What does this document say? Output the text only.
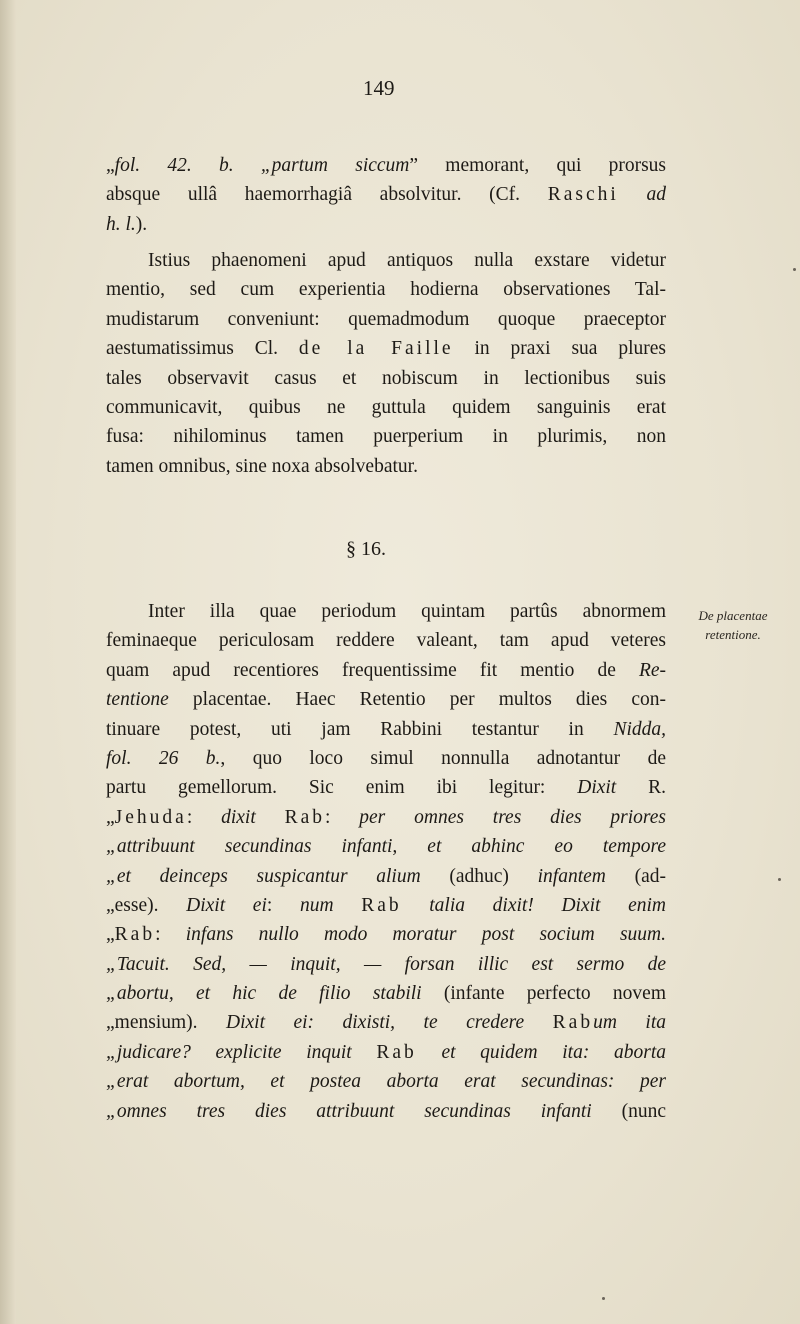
149
„fol. 42. b. „partum siccum” memorant, qui prorsus
absque ullâ haemorrhagiâ absolvitur. (Cf. Raschi ad
h. l.).
Istius phaenomeni apud antiquos nulla exstare videtur
mentio, sed cum experientia hodierna observationes Tal-
mudistarum conveniunt: quemadmodum quoque praeceptor
aestumatissimus Cl. de la Faille in praxi sua plures
tales observavit casus et nobiscum in lectionibus suis
communicavit, quibus ne guttula quidem sanguinis erat
fusa: nihilominus tamen puerperium in plurimis, non
tamen omnibus, sine noxa absolvebatur.
§ 16.
De placentae
retentione.
Inter illa quae periodum quintam partûs abnormem
feminaeque periculosam reddere valeant, tam apud veteres
quam apud recentiores frequentissime fit mentio de Re-
tentione placentae. Haec Retentio per multos dies con-
tinuare potest, uti jam Rabbini testantur in Nidda,
fol. 26 b., quo loco simul nonnulla adnotantur de
partu gemellorum. Sic enim ibi legitur: Dixit R.
„Jehuda: dixit Rab: per omnes tres dies priores
„attribuunt secundinas infanti, et abhinc eo tempore
„et deinceps suspicantur alium (adhuc) infantem (ad-
„esse). Dixit ei: num Rab talia dixit! Dixit enim
„Rab: infans nullo modo moratur post socium suum.
„Tacuit. Sed, — inquit, — forsan illic est sermo de
„abortu, et hic de filio stabili (infante perfecto novem
„mensium). Dixit ei: dixisti, te credere Rabum ita
„judicare? explicite inquit Rab et quidem ita: aborta
„erat abortum, et postea aborta erat secundinas: per
„omnes tres dies attribuunt secundinas infanti (nunc
